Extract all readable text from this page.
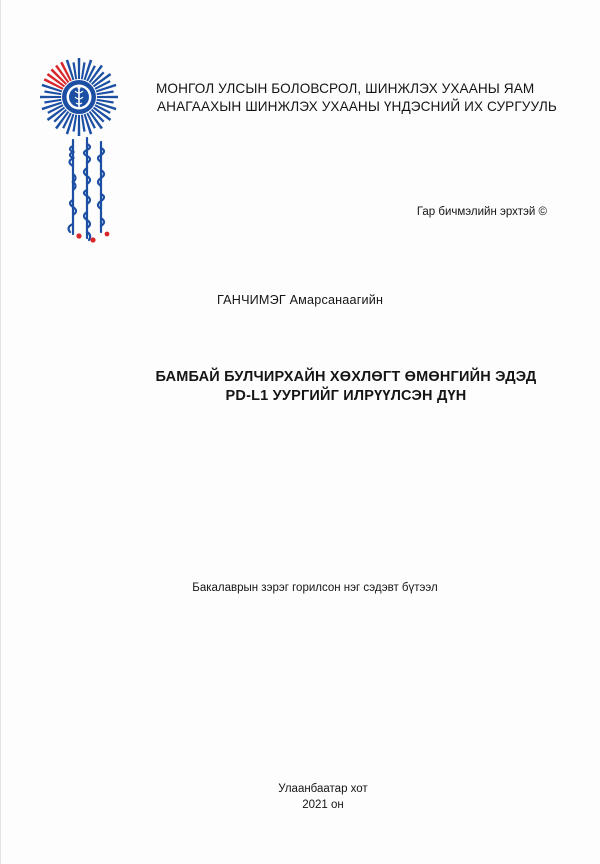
МОНГОЛ УЛСЫН БОЛОВСРОЛ, ШИНЖЛЭХ УХААНЫ ЯАМ
АНАГААХЫН ШИНЖЛЭХ УХААНЫ ҮНДЭСНИЙ ИХ СУРГУУЛЬ
Гар бичмэлийн эрхтэй ©
ГАНЧИМЭГ Амарсанаагийн
БАМБАЙ БУЛЧИРХАЙН ХӨХЛӨГТ ӨМӨНГИЙН ЭДЭД
PD-L1 УУРГИЙГ ИЛРҮҮЛСЭН ДҮН
Бакалаврын зэрэг горилсон нэг сэдэвт бүтээл
Улаанбаатар хот
2021 он
